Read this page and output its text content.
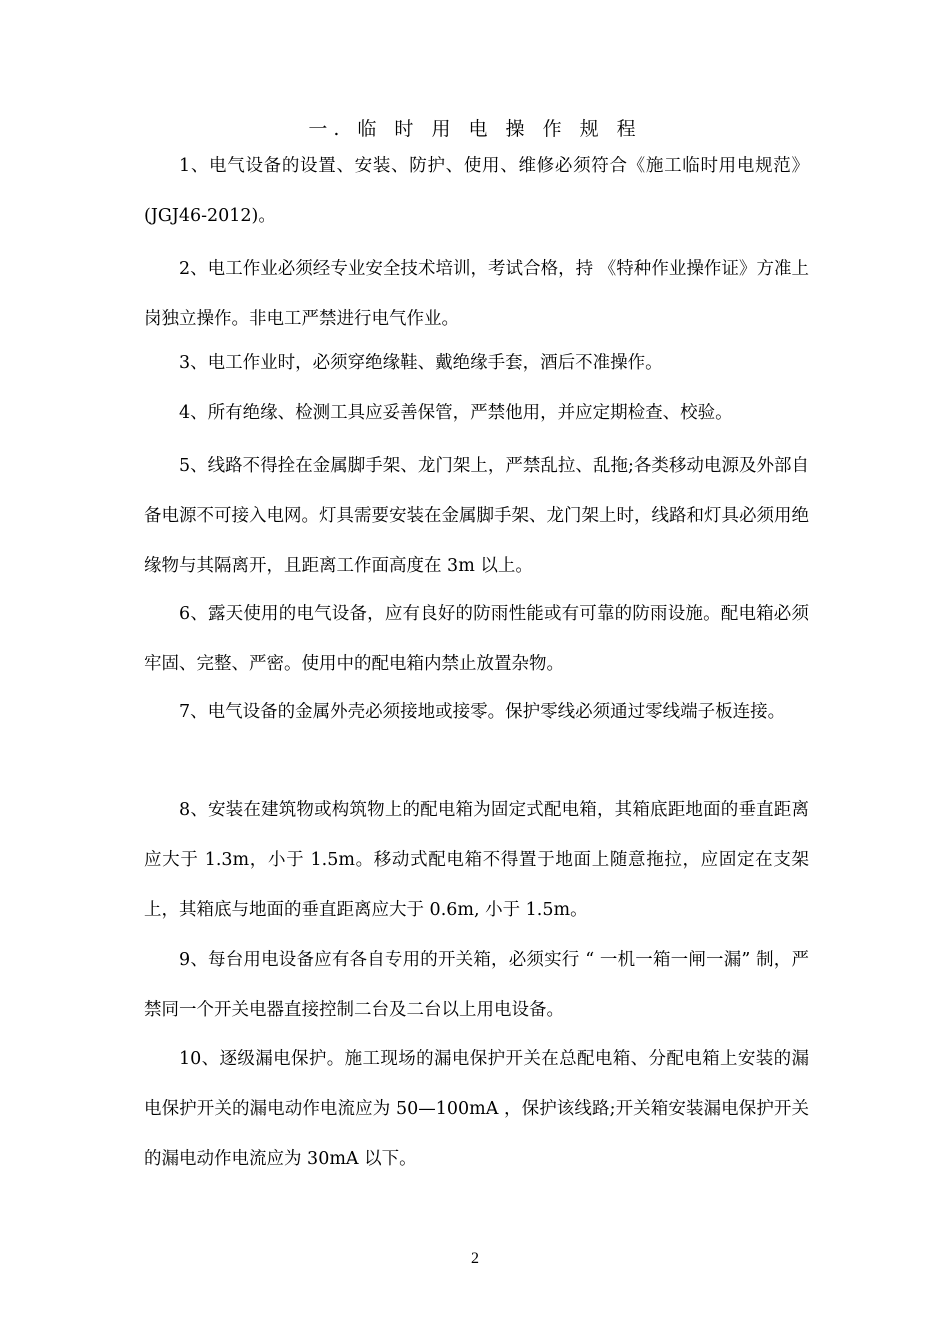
一. 临 时 用 电 操 作 规 程

1、电气设备的设置、安装、防护、使用、维修必须符合《施工临时用电规范》(JGJ46-2012)。

2、电工作业必须经专业安全技术培训，考试合格，持 《特种作业操作证》方准上岗独立操作。非电工严禁进行电气作业。

3、电工作业时，必须穿绝缘鞋、戴绝缘手套，酒后不准操作。

4、所有绝缘、检测工具应妥善保管，严禁他用，并应定期检查、校验。

5、线路不得拴在金属脚手架、龙门架上，严禁乱拉、乱拖;各类移动电源及外部自备电源不可接入电网。灯具需要安装在金属脚手架、龙门架上时，线路和灯具必须用绝缘物与其隔离开，且距离工作面高度在 3m 以上。

6、露天使用的电气设备，应有良好的防雨性能或有可靠的防雨设施。配电箱必须牢固、完整、严密。使用中的配电箱内禁止放置杂物。

7、电气设备的金属外壳必须接地或接零。保护零线必须通过零线端子板连接。

8、安装在建筑物或构筑物上的配电箱为固定式配电箱，其箱底距地面的垂直距离应大于 1.3m，小于 1.5m。移动式配电箱不得置于地面上随意拖拉，应固定在支架上，其箱底与地面的垂直距离应大于 0.6m, 小于 1.5m。

9、每台用电设备应有各自专用的开关箱，必须实行 “ 一机一箱一闸一漏” 制，严禁同一个开关电器直接控制二台及二台以上用电设备。

10、逐级漏电保护。施工现场的漏电保护开关在总配电箱、分配电箱上安装的漏电保护开关的漏电动作电流应为 50—100mA ，保护该线路;开关箱安装漏电保护开关的漏电动作电流应为 30mA 以下。

2
